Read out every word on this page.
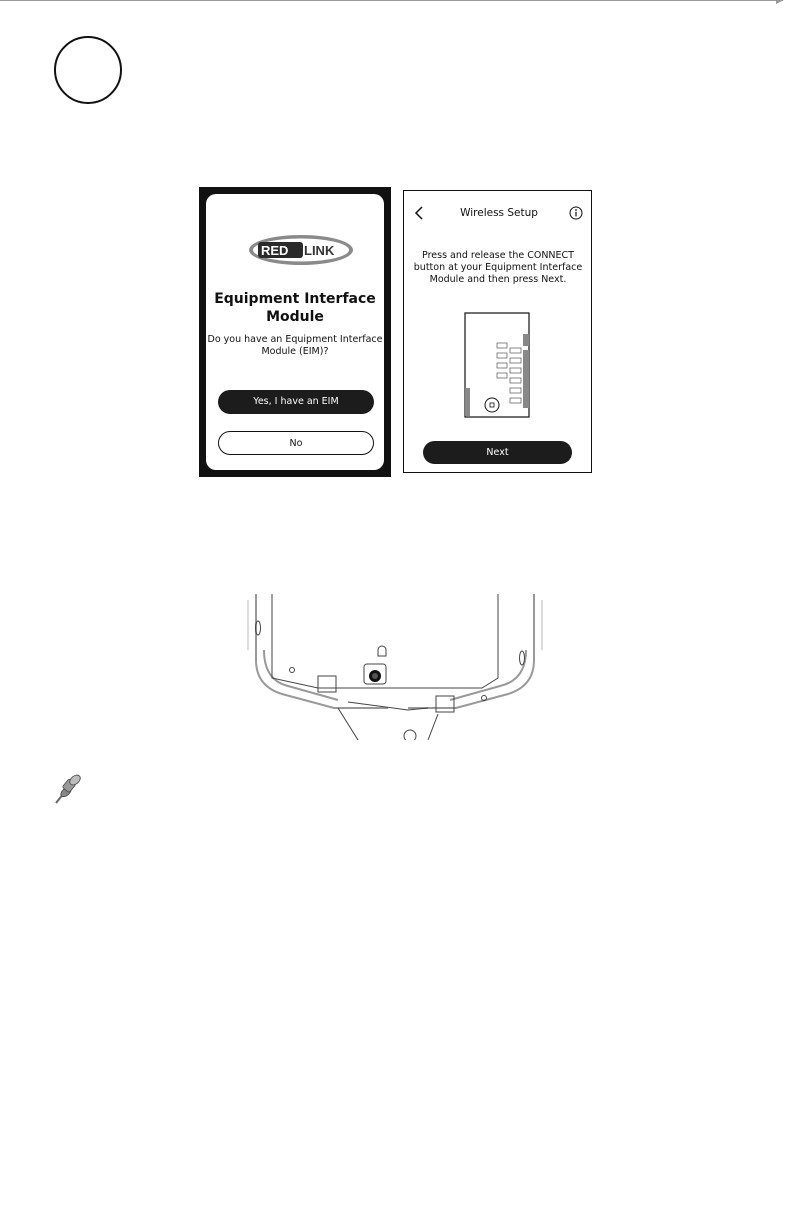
RED LINK

Equipment Interface Module

Do you have an Equipment Interface Module (EIM)?

Yes, I have an EIM
No

Wireless Setup

Press and release the CONNECT button at your Equipment Interface Module and then press Next.

Next
